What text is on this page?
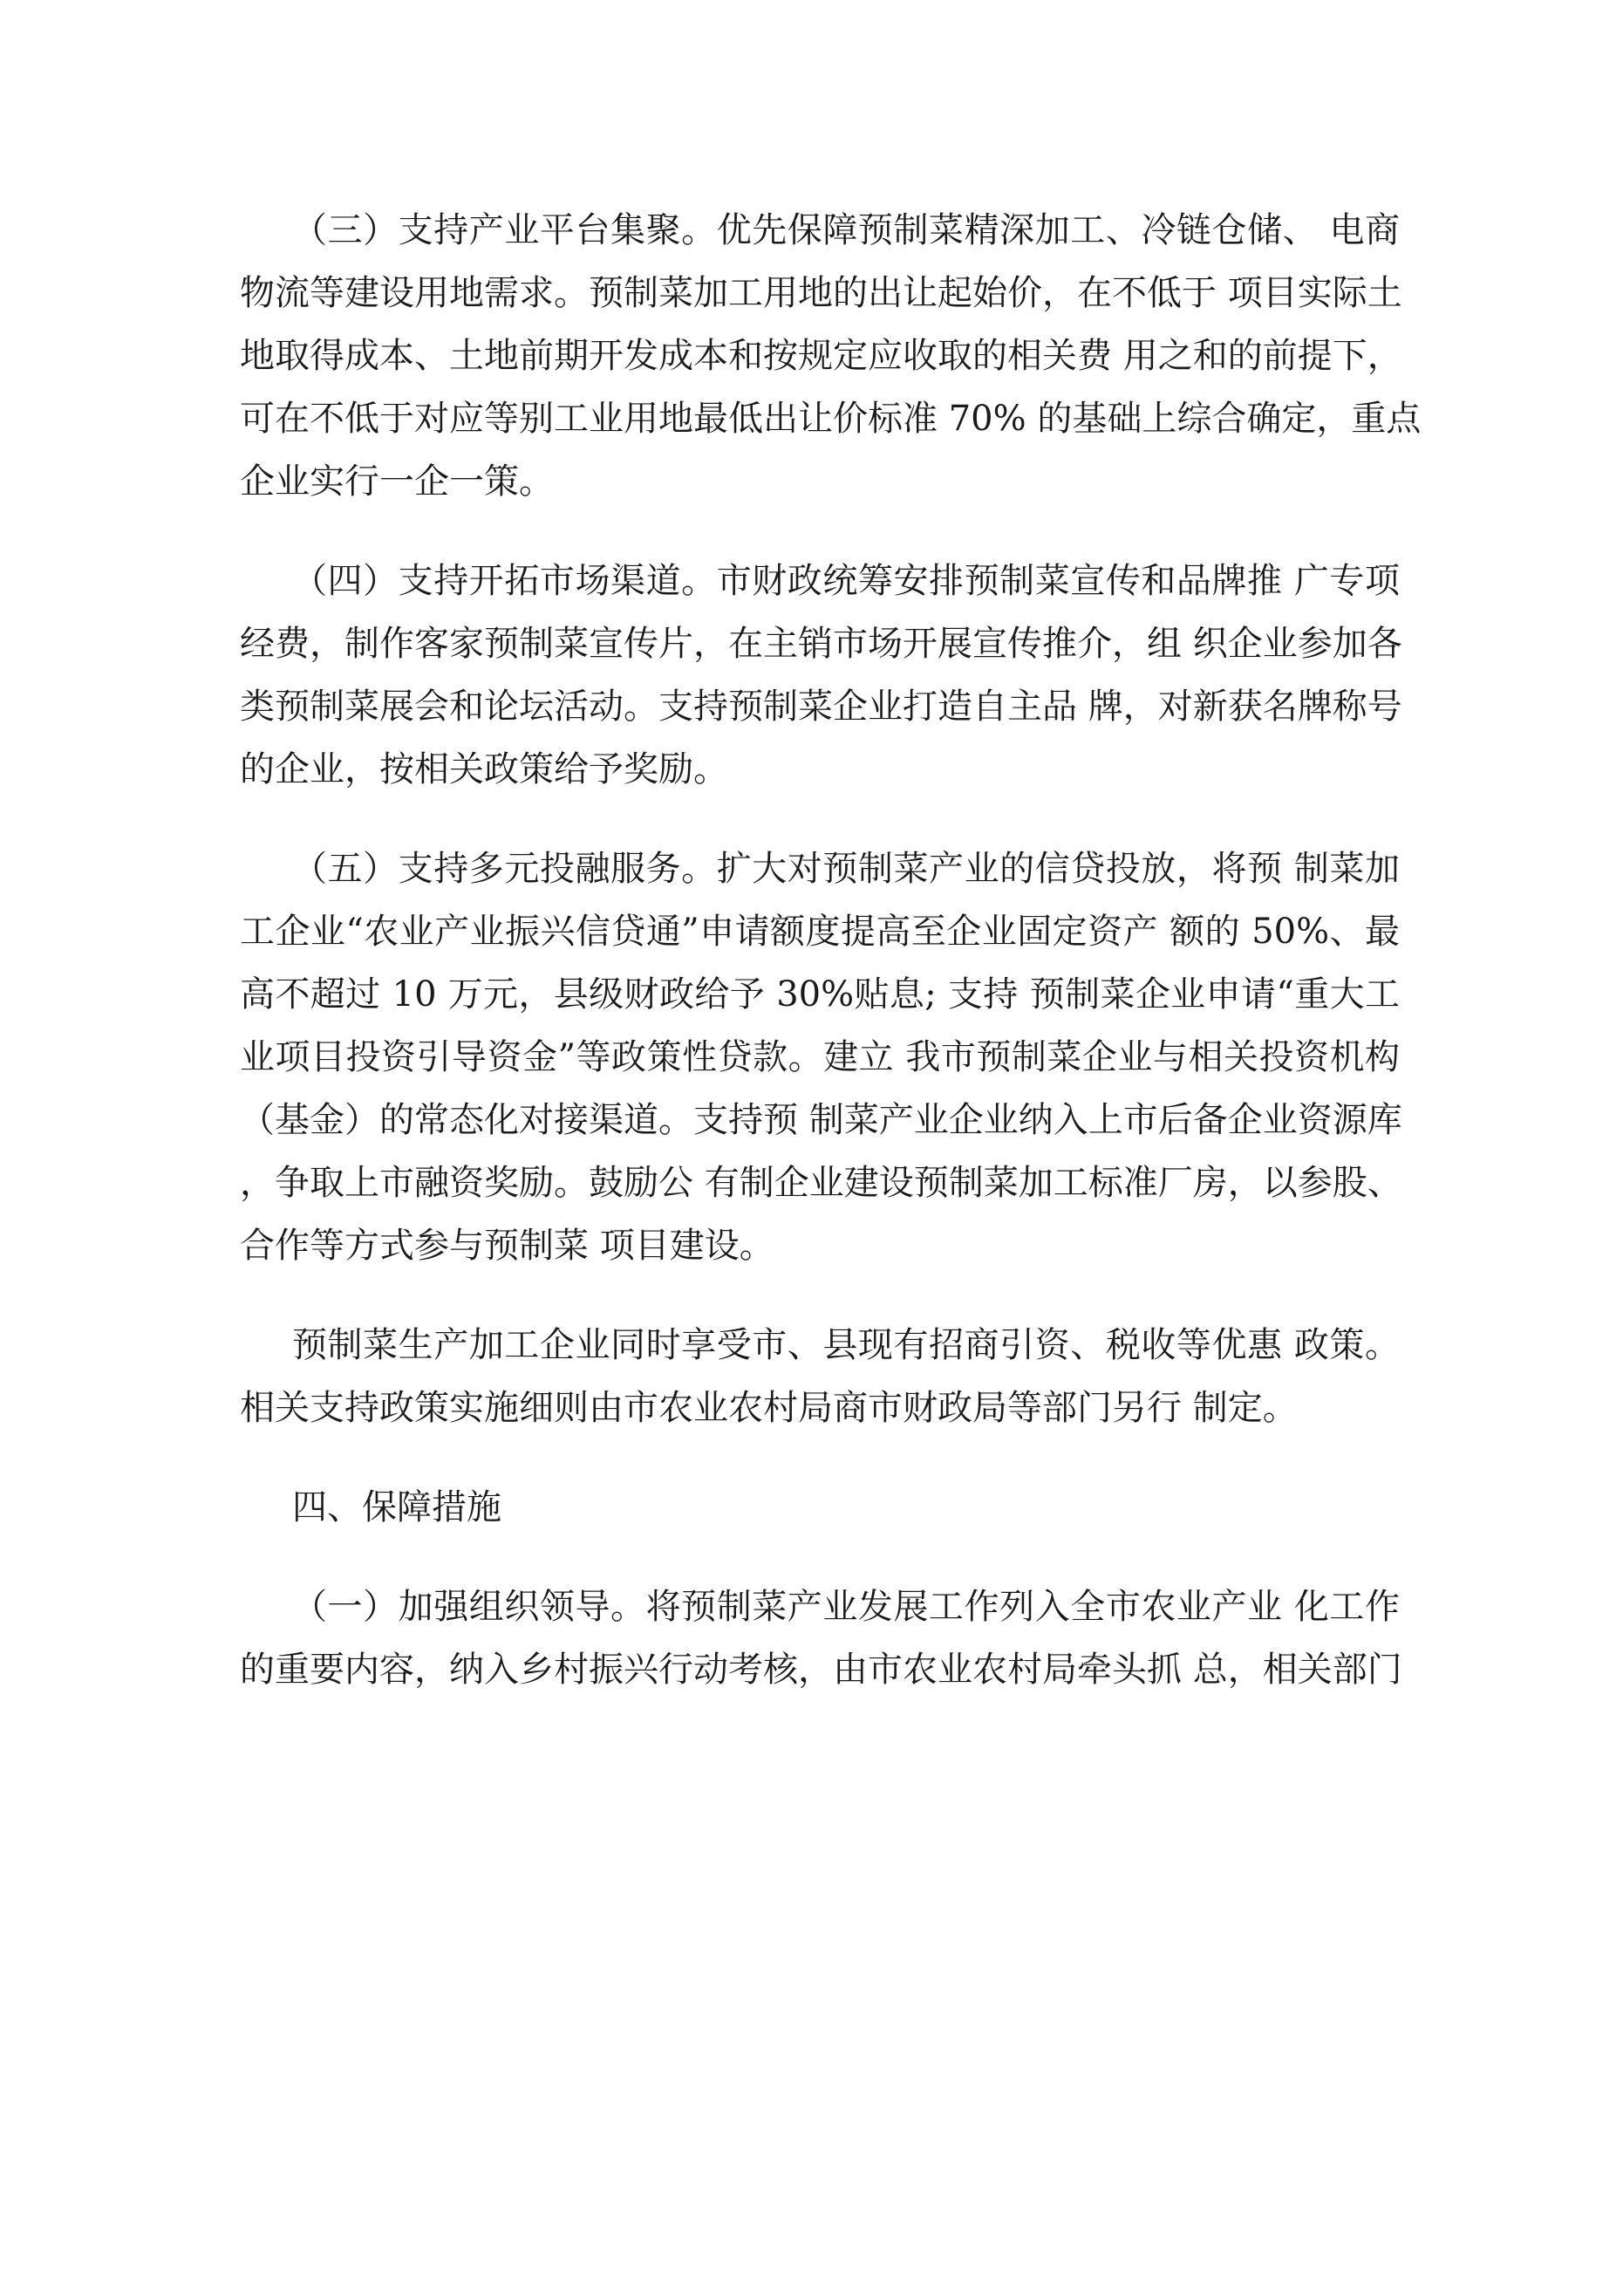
（三）支持产业平台集聚。优先保障预制菜精深加工、冷链仓储、 电商
物流等建设用地需求。预制菜加工用地的出让起始价，在不低于 项目实际土
地取得成本、土地前期开发成本和按规定应收取的相关费 用之和的前提下，
可在不低于对应等别工业用地最低出让价标准 70% 的基础上综合确定，重点
企业实行一企一策。
（四）支持开拓市场渠道。市财政统筹安排预制菜宣传和品牌推 广专项
经费，制作客家预制菜宣传片，在主销市场开展宣传推介，组 织企业参加各
类预制菜展会和论坛活动。支持预制菜企业打造自主品 牌，对新获名牌称号
的企业，按相关政策给予奖励。
（五）支持多元投融服务。扩大对预制菜产业的信贷投放，将预 制菜加
工企业“农业产业振兴信贷通”申请额度提高至企业固定资产 额的 50%、最
高不超过 10 万元，县级财政给予 30%贴息; 支持 预制菜企业申请“重大工
业项目投资引导资金”等政策性贷款。建立 我市预制菜企业与相关投资机构
（基金）的常态化对接渠道。支持预 制菜产业企业纳入上市后备企业资源库
，争取上市融资奖励。鼓励公 有制企业建设预制菜加工标准厂房，以参股、
合作等方式参与预制菜 项目建设。
预制菜生产加工企业同时享受市、县现有招商引资、税收等优惠 政策。
相关支持政策实施细则由市农业农村局商市财政局等部门另行 制定。
四、保障措施
（一）加强组织领导。将预制菜产业发展工作列入全市农业产业 化工作
的重要内容，纳入乡村振兴行动考核，由市农业农村局牵头抓 总，相关部门
